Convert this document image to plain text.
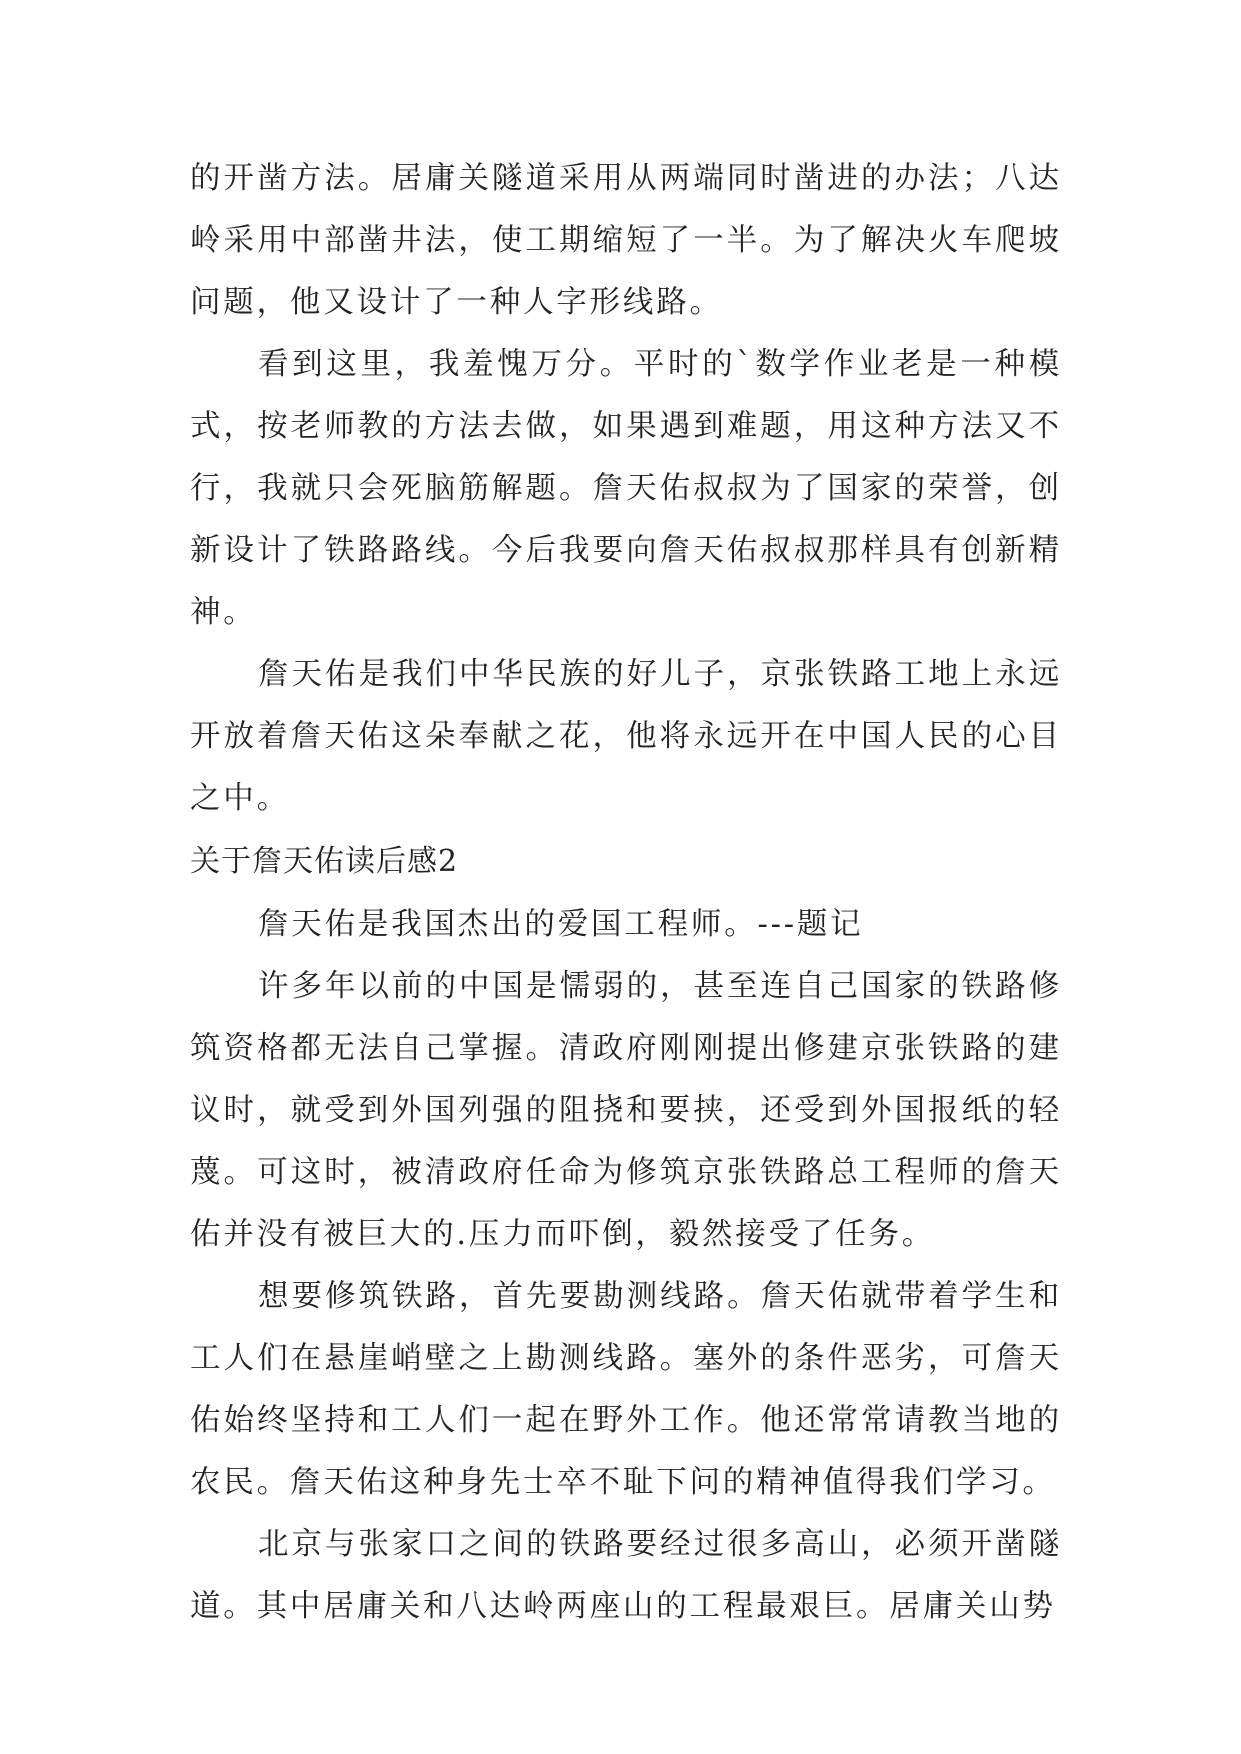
的开凿方法。居庸关隧道采用从两端同时凿进的办法；八达岭采用中部凿井法，使工期缩短了一半。为了解决火车爬坡问题，他又设计了一种人字形线路。

看到这里，我羞愧万分。平时的`数学作业老是一种模式，按老师教的方法去做，如果遇到难题，用这种方法又不行，我就只会死脑筋解题。詹天佑叔叔为了国家的荣誉，创新设计了铁路路线。今后我要向詹天佑叔叔那样具有创新精神。

詹天佑是我们中华民族的好儿子，京张铁路工地上永远开放着詹天佑这朵奉献之花，他将永远开在中国人民的心目之中。

关于詹天佑读后感2

詹天佑是我国杰出的爱国工程师。---题记

许多年以前的中国是懦弱的，甚至连自己国家的铁路修筑资格都无法自己掌握。清政府刚刚提出修建京张铁路的建议时，就受到外国列强的阻挠和要挟，还受到外国报纸的轻蔑。可这时，被清政府任命为修筑京张铁路总工程师的詹天佑并没有被巨大的.压力而吓倒，毅然接受了任务。

想要修筑铁路，首先要勘测线路。詹天佑就带着学生和工人们在悬崖峭壁之上勘测线路。塞外的条件恶劣，可詹天佑始终坚持和工人们一起在野外工作。他还常常请教当地的农民。詹天佑这种身先士卒不耻下问的精神值得我们学习。

北京与张家口之间的铁路要经过很多高山，必须开凿隧道。其中居庸关和八达岭两座山的工程最艰巨。居庸关山势
